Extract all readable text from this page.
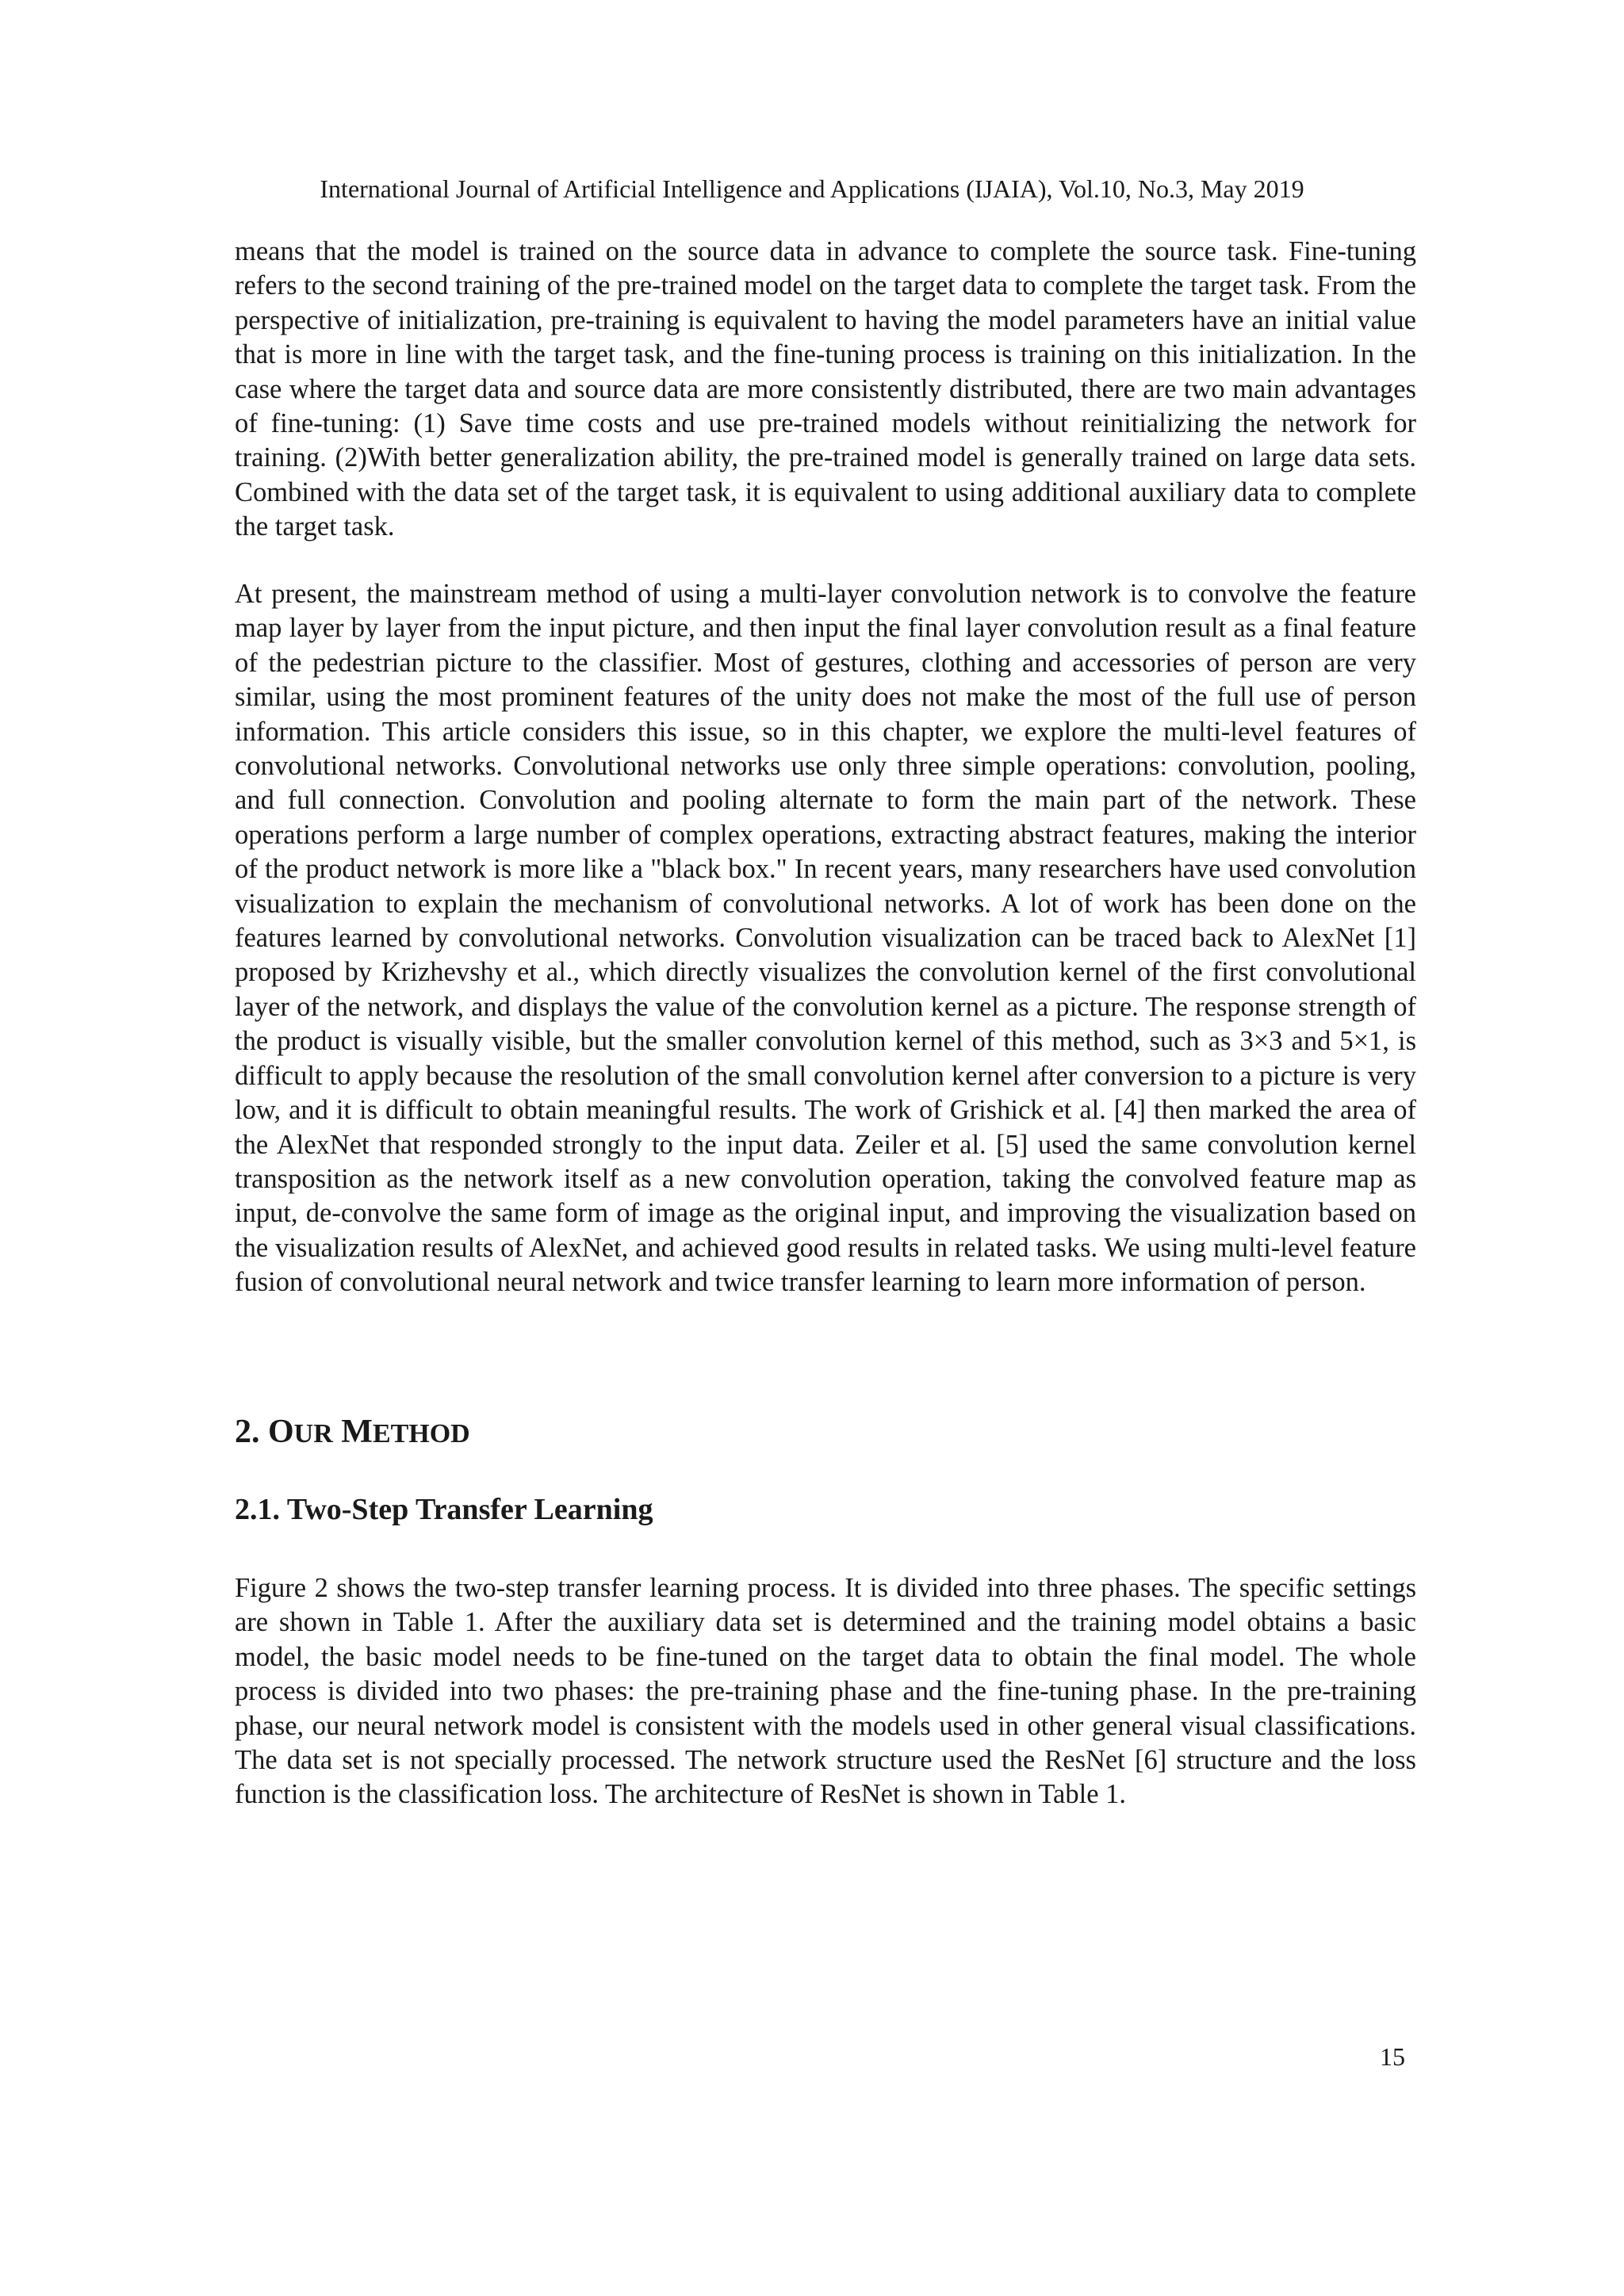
International Journal of Artificial Intelligence and Applications (IJAIA), Vol.10, No.3, May 2019

means that the model is trained on the source data in advance to complete the source task. Fine-tuning refers to the second training of the pre-trained model on the target data to complete the target task. From the perspective of initialization, pre-training is equivalent to having the model parameters have an initial value that is more in line with the target task, and the fine-tuning process is training on this initialization. In the case where the target data and source data are more consistently distributed, there are two main advantages of fine-tuning: (1) Save time costs and use pre-trained models without reinitializing the network for training. (2)With better generalization ability, the pre-trained model is generally trained on large data sets. Combined with the data set of the target task, it is equivalent to using additional auxiliary data to complete the target task.

At present, the mainstream method of using a multi-layer convolution network is to convolve the feature map layer by layer from the input picture, and then input the final layer convolution result as a final feature of the pedestrian picture to the classifier. Most of gestures, clothing and accessories of person are very similar, using the most prominent features of the unity does not make the most of the full use of person information. This article considers this issue, so in this chapter, we explore the multi-level features of convolutional networks. Convolutional networks use only three simple operations: convolution, pooling, and full connection. Convolution and pooling alternate to form the main part of the network. These operations perform a large number of complex operations, extracting abstract features, making the interior of the product network is more like a "black box." In recent years, many researchers have used convolution visualization to explain the mechanism of convolutional networks. A lot of work has been done on the features learned by convolutional networks. Convolution visualization can be traced back to AlexNet [1] proposed by Krizhevshy et al., which directly visualizes the convolution kernel of the first convolutional layer of the network, and displays the value of the convolution kernel as a picture. The response strength of the product is visually visible, but the smaller convolution kernel of this method, such as 3×3 and 5×1, is difficult to apply because the resolution of the small convolution kernel after conversion to a picture is very low, and it is difficult to obtain meaningful results. The work of Grishick et al. [4] then marked the area of the AlexNet that responded strongly to the input data. Zeiler et al. [5] used the same convolution kernel transposition as the network itself as a new convolution operation, taking the convolved feature map as input, de-convolve the same form of image as the original input, and improving the visualization based on the visualization results of AlexNet, and achieved good results in related tasks. We using multi-level feature fusion of convolutional neural network and twice transfer learning to learn more information of person.

2. OUR METHOD
2.1. Two-Step Transfer Learning

Figure 2 shows the two-step transfer learning process. It is divided into three phases. The specific settings are shown in Table 1. After the auxiliary data set is determined and the training model obtains a basic model, the basic model needs to be fine-tuned on the target data to obtain the final model. The whole process is divided into two phases: the pre-training phase and the fine-tuning phase. In the pre-training phase, our neural network model is consistent with the models used in other general visual classifications. The data set is not specially processed. The network structure used the ResNet [6] structure and the loss function is the classification loss. The architecture of ResNet is shown in Table 1.

15
